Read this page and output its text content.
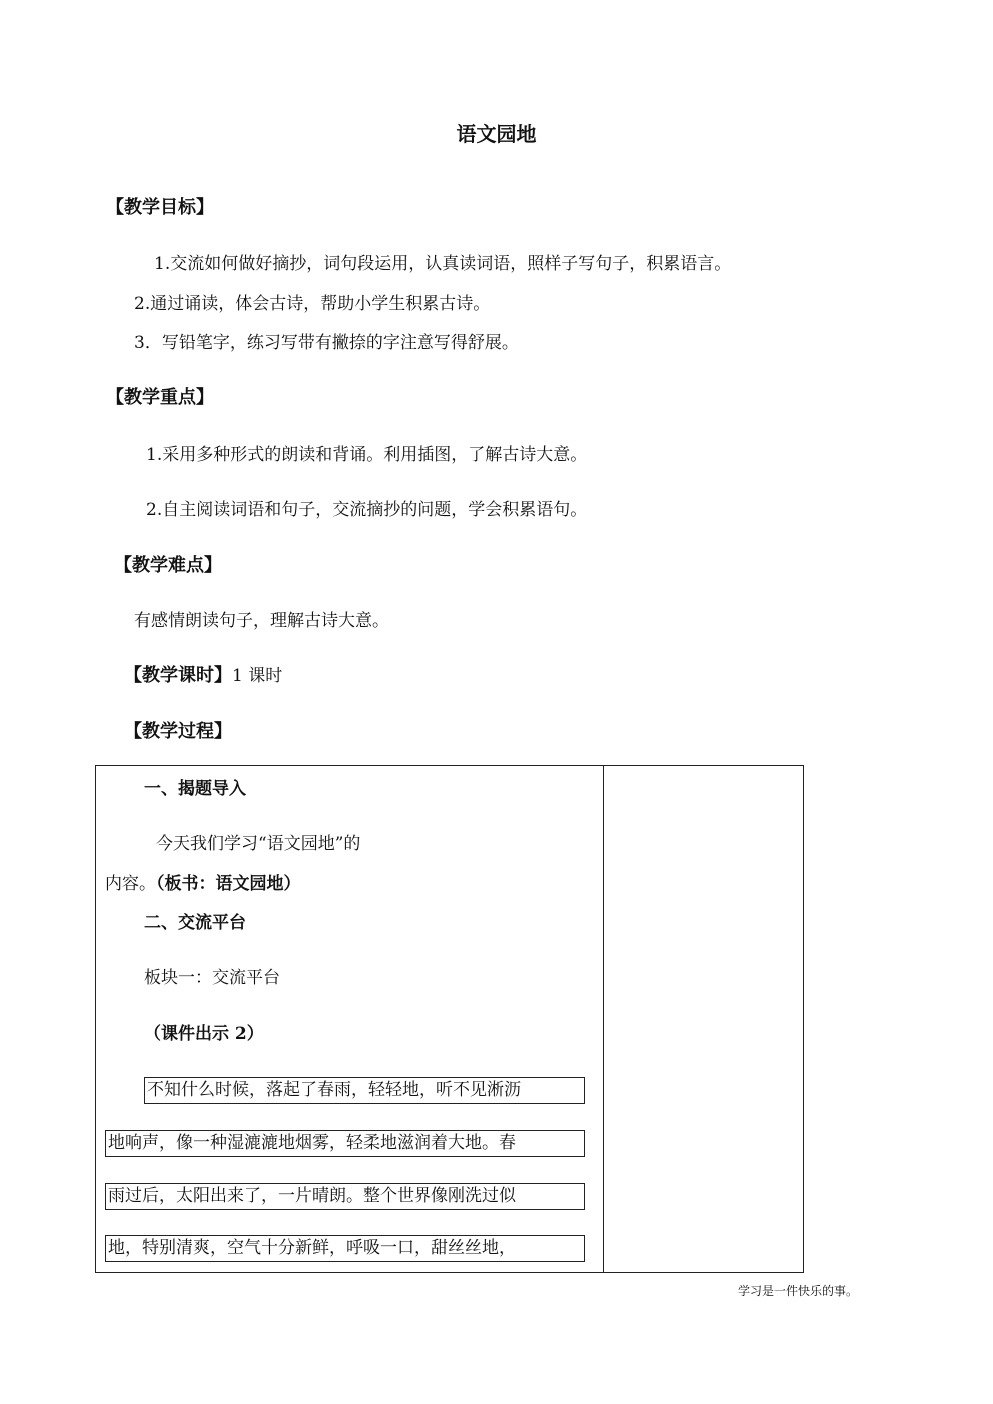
语文园地
【教学目标】
1.交流如何做好摘抄，词句段运用，认真读词语，照样子写句子，积累语言。
2.通过诵读，体会古诗，帮助小学生积累古诗。
3．写铅笔字，练习写带有撇捺的字注意写得舒展。
【教学重点】
1.采用多种形式的朗读和背诵。利用插图，了解古诗大意。
2.自主阅读词语和句子，交流摘抄的问题，学会积累语句。
【教学难点】
有感情朗读句子，理解古诗大意。
【教学课时】1 课时
【教学过程】
一、揭题导入
今天我们学习“语文园地”的
内容。（板书：语文园地）
二、交流平台
板块一：交流平台
（课件出示 2）
不知什么时候，落起了春雨，轻轻地，听不见淅沥
地响声，像一种湿漉漉地烟雾，轻柔地滋润着大地。春
雨过后，太阳出来了，一片晴朗。整个世界像刚洗过似
地，特别清爽，空气十分新鲜，呼吸一口，甜丝丝地，
学习是一件快乐的事。
